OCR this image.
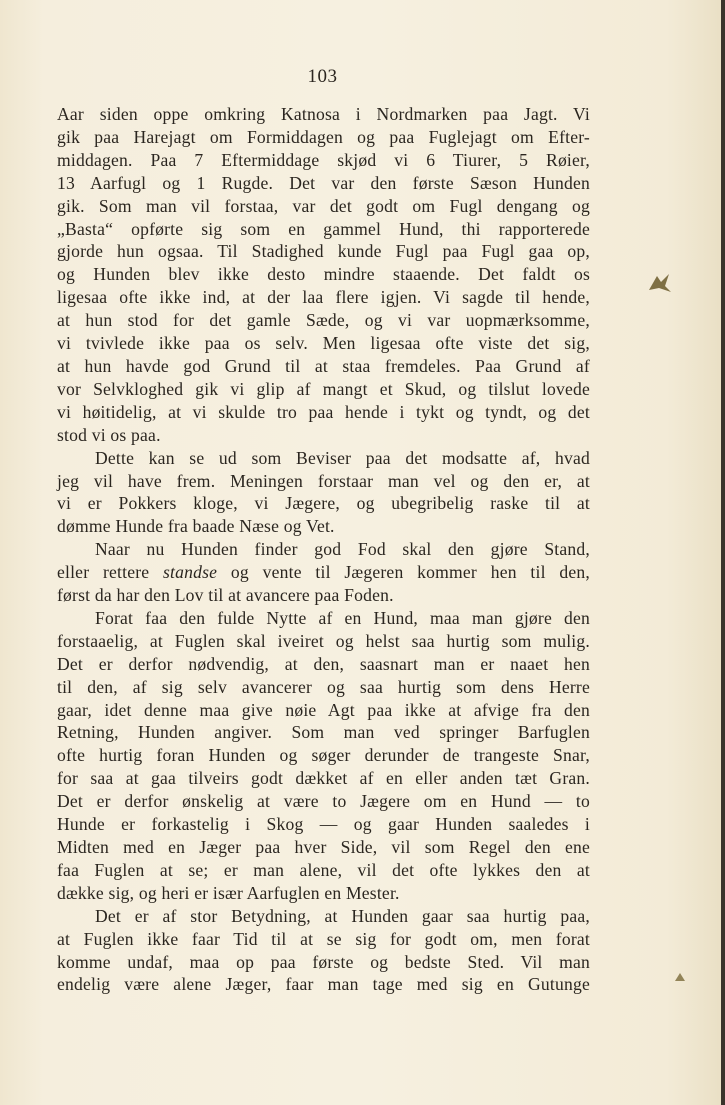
103
Aar siden oppe omkring Katnosa i Nordmarken paa Jagt. Vi
gik paa Harejagt om Formiddagen og paa Fuglejagt om Efter-
middagen. Paa 7 Eftermiddage skjød vi 6 Tiurer, 5 Røier,
13 Aarfugl og 1 Rugde. Det var den første Sæson Hunden
gik. Som man vil forstaa, var det godt om Fugl dengang og
„Basta“ opførte sig som en gammel Hund, thi rapporterede
gjorde hun ogsaa. Til Stadighed kunde Fugl paa Fugl gaa op,
og Hunden blev ikke desto mindre staaende. Det faldt os
ligesaa ofte ikke ind, at der laa flere igjen. Vi sagde til hende,
at hun stod for det gamle Sæde, og vi var uopmærksomme,
vi tvivlede ikke paa os selv. Men ligesaa ofte viste det sig,
at hun havde god Grund til at staa fremdeles. Paa Grund af
vor Selvkloghed gik vi glip af mangt et Skud, og tilslut lovede
vi høitidelig, at vi skulde tro paa hende i tykt og tyndt, og det
stod vi os paa.
Dette kan se ud som Beviser paa det modsatte af, hvad
jeg vil have frem. Meningen forstaar man vel og den er, at
vi er Pokkers kloge, vi Jægere, og ubegribelig raske til at
dømme Hunde fra baade Næse og Vet.
Naar nu Hunden finder god Fod skal den gjøre Stand,
eller rettere standse og vente til Jægeren kommer hen til den,
først da har den Lov til at avancere paa Foden.
Forat faa den fulde Nytte af en Hund, maa man gjøre den
forstaaelig, at Fuglen skal iveiret og helst saa hurtig som mulig.
Det er derfor nødvendig, at den, saasnart man er naaet hen
til den, af sig selv avancerer og saa hurtig som dens Herre
gaar, idet denne maa give nøie Agt paa ikke at afvige fra den
Retning, Hunden angiver. Som man ved springer Barfuglen
ofte hurtig foran Hunden og søger derunder de trangeste Snar,
for saa at gaa tilveirs godt dækket af en eller anden tæt Gran.
Det er derfor ønskelig at være to Jægere om en Hund — to
Hunde er forkastelig i Skog — og gaar Hunden saaledes i
Midten med en Jæger paa hver Side, vil som Regel den ene
faa Fuglen at se; er man alene, vil det ofte lykkes den at
dække sig, og heri er især Aarfuglen en Mester.
Det er af stor Betydning, at Hunden gaar saa hurtig paa,
at Fuglen ikke faar Tid til at se sig for godt om, men forat
komme undaf, maa op paa første og bedste Sted. Vil man
endelig være alene Jæger, faar man tage med sig en Gutunge
